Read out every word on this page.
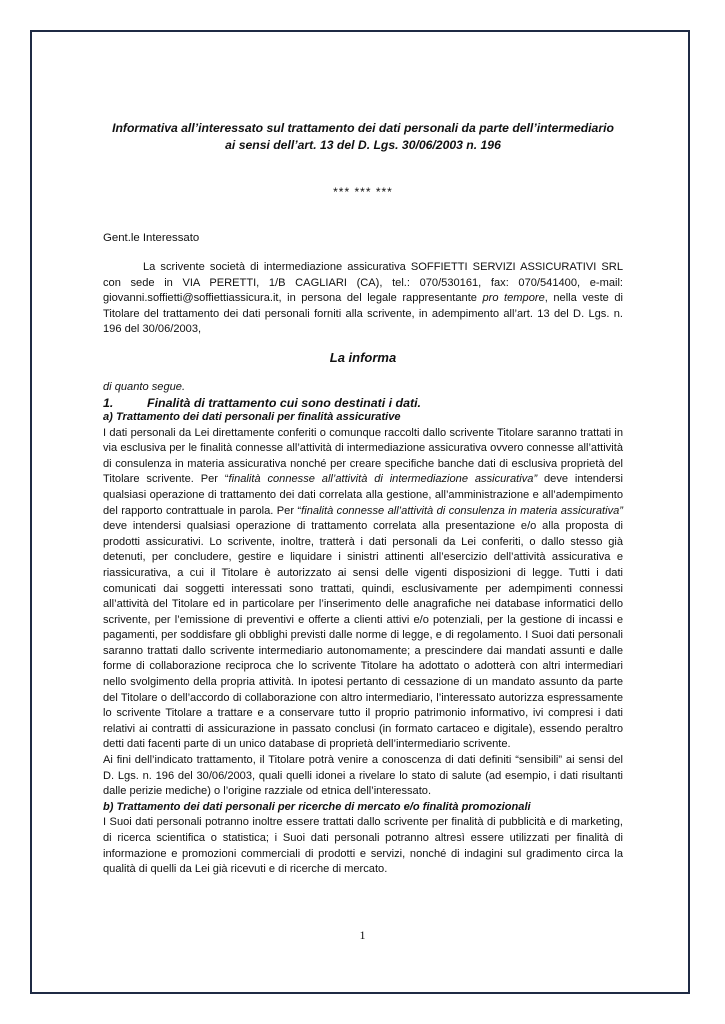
Informativa all’interessato sul trattamento dei dati personali da parte dell’intermediario
ai sensi dell’art. 13 del D. Lgs. 30/06/2003 n. 196
*** *** ***
Gent.le Interessato
La scrivente società di intermediazione assicurativa SOFFIETTI SERVIZI ASSICURATIVI SRL con sede in VIA PERETTI, 1/B CAGLIARI (CA), tel.: 070/530161, fax: 070/541400, e-mail: giovanni.soffietti@soffiettiassicura.it, in persona del legale rappresentante pro tempore, nella veste di Titolare del trattamento dei dati personali forniti alla scrivente, in adempimento all’art. 13 del D. Lgs. n. 196 del 30/06/2003,
La informa
di quanto segue.
1.	Finalità di trattamento cui sono destinati i dati.
a) Trattamento dei dati personali per finalità assicurative
I dati personali da Lei direttamente conferiti o comunque raccolti dallo scrivente Titolare saranno trattati in via esclusiva per le finalità connesse all’attività di intermediazione assicurativa ovvero connesse all’attività di consulenza in materia assicurativa nonché per creare specifiche banche dati di esclusiva proprietà del Titolare scrivente. Per “finalità connesse all’attività di intermediazione assicurativa” deve intendersi qualsiasi operazione di trattamento dei dati correlata alla gestione, all’amministrazione e all’adempimento del rapporto contrattuale in parola. Per “finalità connesse all’attività di consulenza in materia assicurativa” deve intendersi qualsiasi operazione di trattamento correlata alla presentazione e/o alla proposta di prodotti assicurativi. Lo scrivente, inoltre, tratterà i dati personali da Lei conferiti, o dallo stesso già detenuti, per concludere, gestire e liquidare i sinistri attinenti all’esercizio dell’attività assicurativa e riassicurativa, a cui il Titolare è autorizzato ai sensi delle vigenti disposizioni di legge. Tutti i dati comunicati dai soggetti interessati sono trattati, quindi, esclusivamente per adempimenti connessi all’attività del Titolare ed in particolare per l’inserimento delle anagrafiche nei database informatici dello scrivente, per l’emissione di preventivi e offerte a clienti attivi e/o potenziali, per la gestione di incassi e pagamenti, per soddisfare gli obblighi previsti dalle norme di legge, e di regolamento. I Suoi dati personali saranno trattati dallo scrivente intermediario autonomamente; a prescindere dai mandati assunti e dalle forme di collaborazione reciproca che lo scrivente Titolare ha adottato o adotterà con altri intermediari nello svolgimento della propria attività. In ipotesi pertanto di cessazione di un mandato assunto da parte del Titolare o dell’accordo di collaborazione con altro intermediario, l’interessato autorizza espressamente lo scrivente Titolare a trattare e a conservare tutto il proprio patrimonio informativo, ivi compresi i dati relativi ai contratti di assicurazione in passato conclusi (in formato cartaceo e digitale), essendo peraltro detti dati facenti parte di un unico database di proprietà dell’intermediario scrivente.
Ai fini dell’indicato trattamento, il Titolare potrà venire a conoscenza di dati definiti “sensibili” ai sensi del D. Lgs. n. 196 del 30/06/2003, quali quelli idonei a rivelare lo stato di salute (ad esempio, i dati risultanti dalle perizie mediche) o l’origine razziale od etnica dell’interessato.
b) Trattamento dei dati personali per ricerche di mercato e/o finalità promozionali
I Suoi dati personali potranno inoltre essere trattati dallo scrivente per finalità di pubblicità e di marketing, di ricerca scientifica o statistica; i Suoi dati personali potranno altresì essere utilizzati per finalità di informazione e promozioni commerciali di prodotti e servizi, nonché di indagini sul gradimento circa la qualità di quelli da Lei già ricevuti e di ricerche di mercato.
1
